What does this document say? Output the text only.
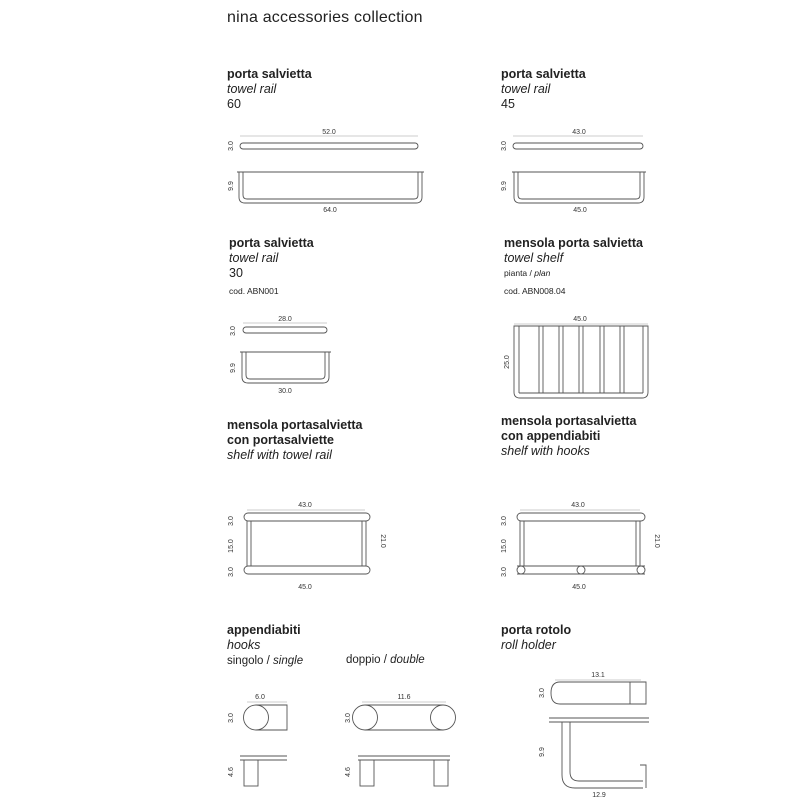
nina accessories collection
porta salvietta
towel rail
60
porta salvietta
towel rail
45
porta salvietta
towel rail
30
cod. ABN001
mensola porta salvietta
towel shelf
pianta / plan
cod. ABN008.04
mensola portasalvietta
con portasalviette
shelf with towel rail
mensola portasalvietta
con appendiabiti
shelf with hooks
appendiabiti
hooks
singolo / single	doppio / double
porta rotolo
roll holder
52.0
3.0
9.9
64.0
43.0
3.0
9.9
45.0
28.0
3.0
9.9
30.0
45.0
25.0
43.0
3.0
15.0
3.0
21.0
45.0
43.0
3.0
15.0
3.0
21.0
45.0
6.0
3.0
4.6
11.6
3.0
4.6
13.1
3.0
9.9
12.9
